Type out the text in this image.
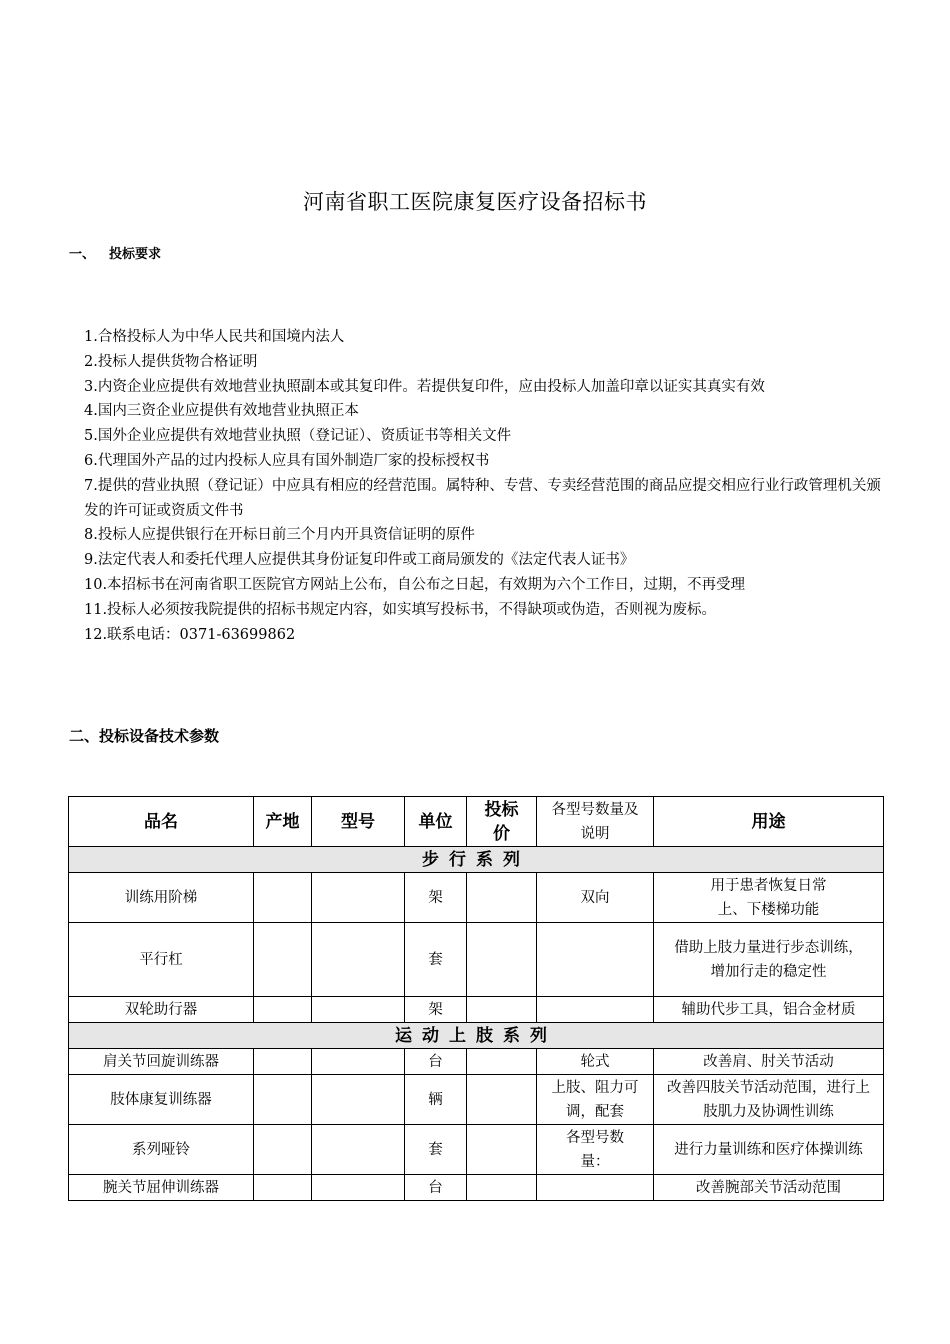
河南省职工医院康复医疗设备招标书
一、 投标要求
1.合格投标人为中华人民共和国境内法人
2.投标人提供货物合格证明
3.内资企业应提供有效地营业执照副本或其复印件。若提供复印件，应由投标人加盖印章以证实其真实有效
4.国内三资企业应提供有效地营业执照正本
5.国外企业应提供有效地营业执照（登记证）、资质证书等相关文件
6.代理国外产品的过内投标人应具有国外制造厂家的投标授权书
7.提供的营业执照（登记证）中应具有相应的经营范围。属特种、专营、专卖经营范围的商品应提交相应行业行政管理机关颁发的许可证或资质文件书
8.投标人应提供银行在开标日前三个月内开具资信证明的原件
9.法定代表人和委托代理人应提供其身份证复印件或工商局颁发的《法定代表人证书》
10.本招标书在河南省职工医院官方网站上公布，自公布之日起，有效期为六个工作日，过期，不再受理
11.投标人必须按我院提供的招标书规定内容，如实填写投标书，不得缺项或伪造，否则视为废标。
12.联系电话：0371-63699862
二、投标设备技术参数
品名	产地	型号	单位	投标价	各型号数量及说明	用途
步行系列						
训练用阶梯			架		双向	用于患者恢复日常上、下楼梯功能
平行杠			套			借助上肢力量进行步态训练，增加行走的稳定性
双轮助行器			架			辅助代步工具，铝合金材质
运动上肢系列						
肩关节回旋训练器			台		轮式	改善肩、肘关节活动
肢体康复训练器			辆		上肢、阻力可调，配套	改善四肢关节活动范围，进行上肢肌力及协调性训练
系列哑铃			套		各型号数量：	进行力量训练和医疗体操训练
腕关节屈伸训练器			台			改善腕部关节活动范围
